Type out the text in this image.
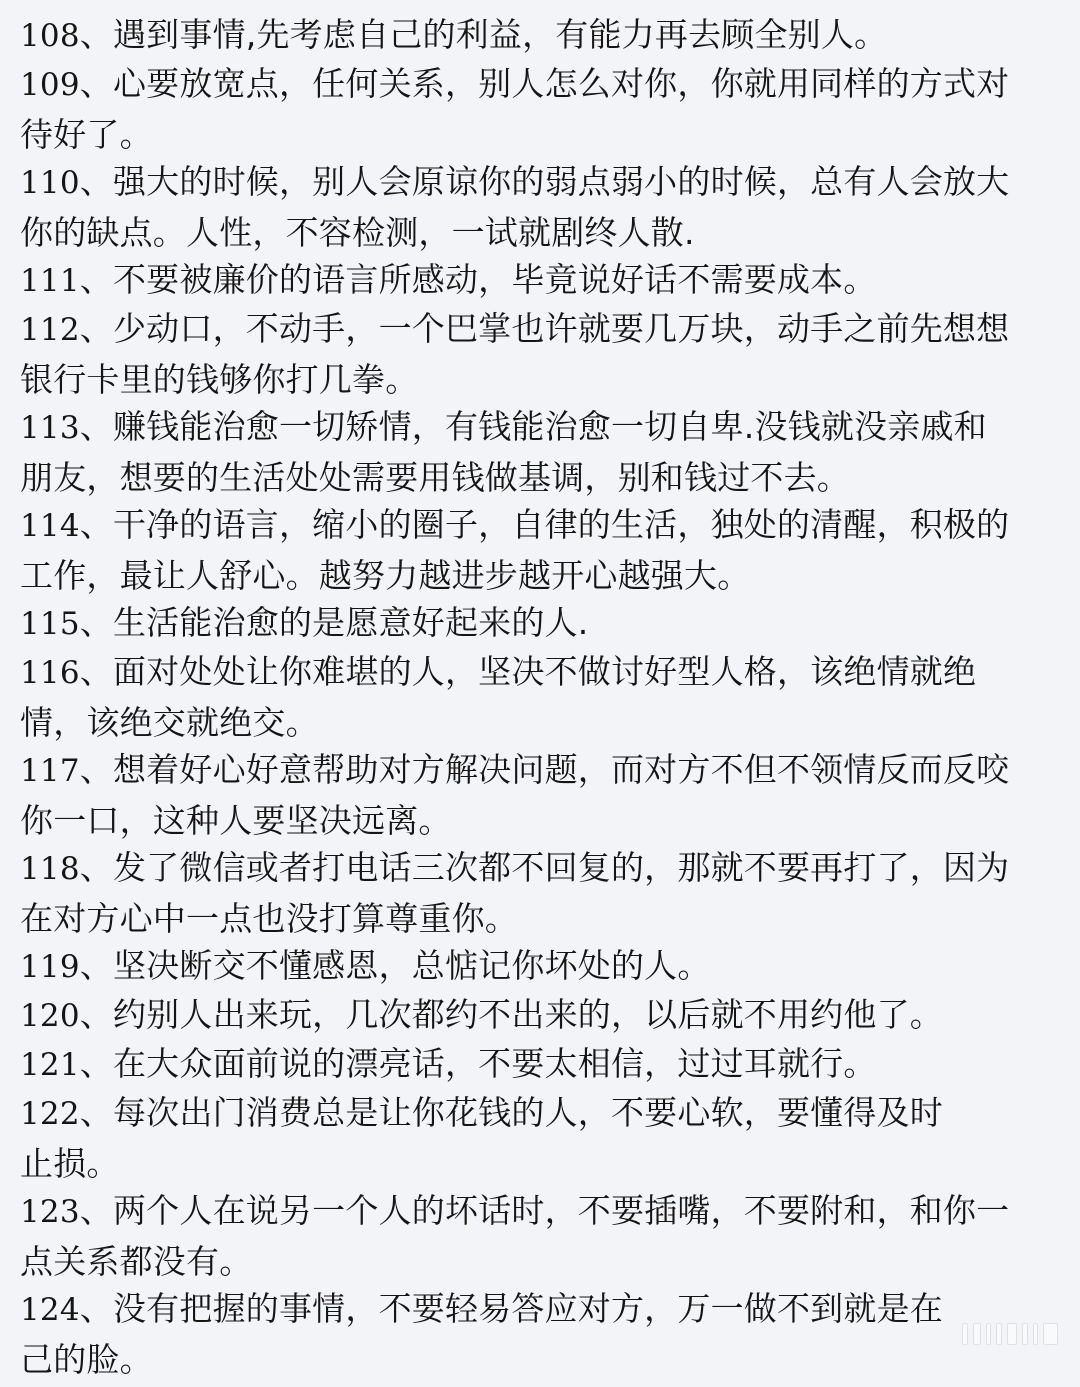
108、遇到事情,先考虑自己的利益，有能力再去顾全别人。
109、心要放宽点，任何关系，别人怎么对你，你就用同样的方式对
待好了。
110、强大的时候，别人会原谅你的弱点弱小的时候，总有人会放大
你的缺点。人性，不容检测，一试就剧终人散.
111、不要被廉价的语言所感动，毕竟说好话不需要成本。
112、少动口，不动手，一个巴掌也许就要几万块，动手之前先想想
银行卡里的钱够你打几拳。
113、赚钱能治愈一切矫情，有钱能治愈一切自卑.没钱就没亲戚和
朋友，想要的生活处处需要用钱做基调，别和钱过不去。
114、干净的语言，缩小的圈子，自律的生活，独处的清醒，积极的
工作，最让人舒心。越努力越进步越开心越强大。
115、生活能治愈的是愿意好起来的人.
116、面对处处让你难堪的人，坚决不做讨好型人格，该绝情就绝
情，该绝交就绝交。
117、想着好心好意帮助对方解决问题，而对方不但不领情反而反咬
你一口，这种人要坚决远离。
118、发了微信或者打电话三次都不回复的，那就不要再打了，因为
在对方心中一点也没打算尊重你。
119、坚决断交不懂感恩，总惦记你坏处的人。
120、约别人出来玩，几次都约不出来的，以后就不用约他了。
121、在大众面前说的漂亮话，不要太相信，过过耳就行。
122、每次出门消费总是让你花钱的人，不要心软，要懂得及时
止损。
123、两个人在说另一个人的坏话时，不要插嘴，不要附和，和你一
点关系都没有。
124、没有把握的事情，不要轻易答应对方，万一做不到就是在
己的脸。
